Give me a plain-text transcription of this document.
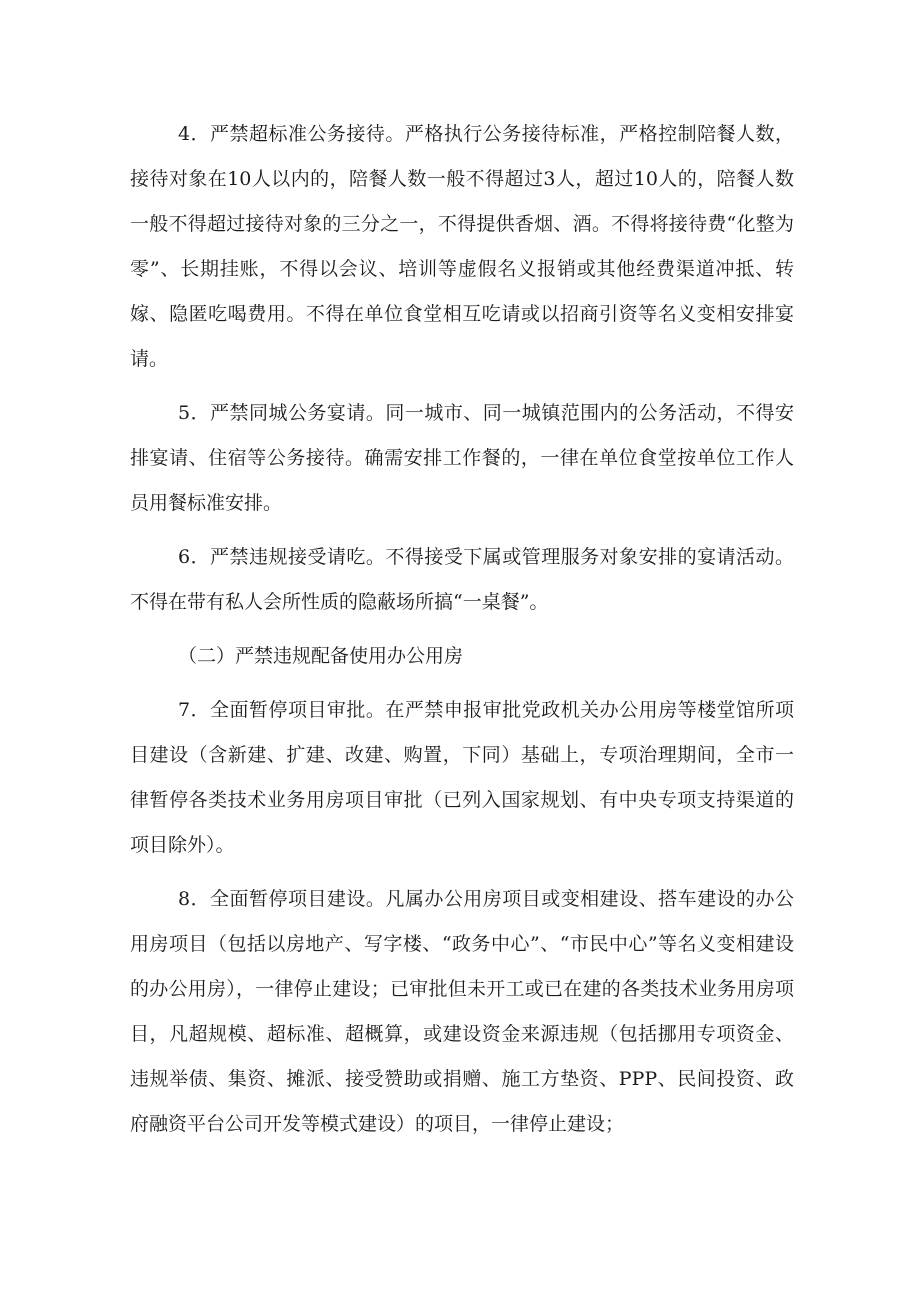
4．严禁超标准公务接待。严格执行公务接待标准，严格控制陪餐人数，接待对象在10人以内的，陪餐人数一般不得超过3人，超过10人的，陪餐人数一般不得超过接待对象的三分之一，不得提供香烟、酒。不得将接待费“化整为零”、长期挂账，不得以会议、培训等虚假名义报销或其他经费渠道冲抵、转嫁、隐匿吃喝费用。不得在单位食堂相互吃请或以招商引资等名义变相安排宴请。

5．严禁同城公务宴请。同一城市、同一城镇范围内的公务活动，不得安排宴请、住宿等公务接待。确需安排工作餐的，一律在单位食堂按单位工作人员用餐标准安排。

6．严禁违规接受请吃。不得接受下属或管理服务对象安排的宴请活动。不得在带有私人会所性质的隐蔽场所搞“一桌餐”。

（二）严禁违规配备使用办公用房

7．全面暂停项目审批。在严禁申报审批党政机关办公用房等楼堂馆所项目建设（含新建、扩建、改建、购置，下同）基础上，专项治理期间，全市一律暂停各类技术业务用房项目审批（已列入国家规划、有中央专项支持渠道的项目除外）。

8．全面暂停项目建设。凡属办公用房项目或变相建设、搭车建设的办公用房项目（包括以房地产、写字楼、“政务中心”、“市民中心”等名义变相建设的办公用房），一律停止建设；已审批但未开工或已在建的各类技术业务用房项目，凡超规模、超标准、超概算，或建设资金来源违规（包括挪用专项资金、违规举债、集资、摊派、接受赞助或捐赠、施工方垫资、PPP、民间投资、政府融资平台公司开发等模式建设）的项目，一律停止建设；
